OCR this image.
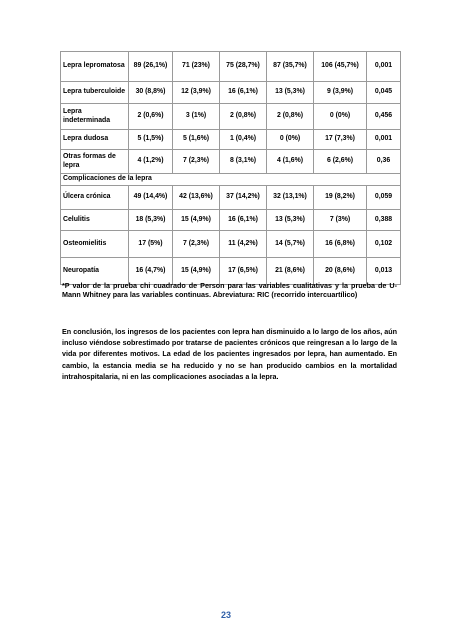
Lepra lepromatosa	89 (26,1%)	71 (23%)	75 (28,7%)	87 (35,7%)	106 (45,7%)	0,001
Lepra tuberculoide	30 (8,8%)	12 (3,9%)	16 (6,1%)	13 (5,3%)	9 (3,9%)	0,045
Lepra indeterminada	2 (0,6%)	3 (1%)	2 (0,8%)	2 (0,8%)	0 (0%)	0,456
Lepra dudosa	5 (1,5%)	5 (1,6%)	1 (0,4%)	0 (0%)	17 (7,3%)	0,001
Otras formas de lepra	4 (1,2%)	7 (2,3%)	8 (3,1%)	4 (1,6%)	6 (2,6%)	0,36
Complicaciones de la lepra						
Úlcera crónica	49 (14,4%)	42 (13,6%)	37 (14,2%)	32 (13,1%)	19 (8,2%)	0,059
Celulitis	18 (5,3%)	15 (4,9%)	16 (6,1%)	13 (5,3%)	7 (3%)	0,388
Osteomielitis	17 (5%)	7 (2,3%)	11 (4,2%)	14 (5,7%)	16 (6,8%)	0,102
Neuropatía	16 (4,7%)	15 (4,9%)	17 (6,5%)	21 (8,6%)	20 (8,6%)	0,013

*P valor de la prueba chi cuadrado de Person para las variables cualitativas y la prueba de U-Mann Whitney para las variables continuas. Abreviatura: RIC (recorrido intercuartílico)

En conclusión, los ingresos de los pacientes con lepra han disminuido a lo largo de los años, aún incluso viéndose sobrestimado por tratarse de pacientes crónicos que reingresan a lo largo de la vida por diferentes motivos. La edad de los pacientes ingresados por lepra, han aumentado. En cambio, la estancia media se ha reducido y no se han producido cambios en la mortalidad intrahospitalaria, ni en las complicaciones asociadas a la lepra.

23
